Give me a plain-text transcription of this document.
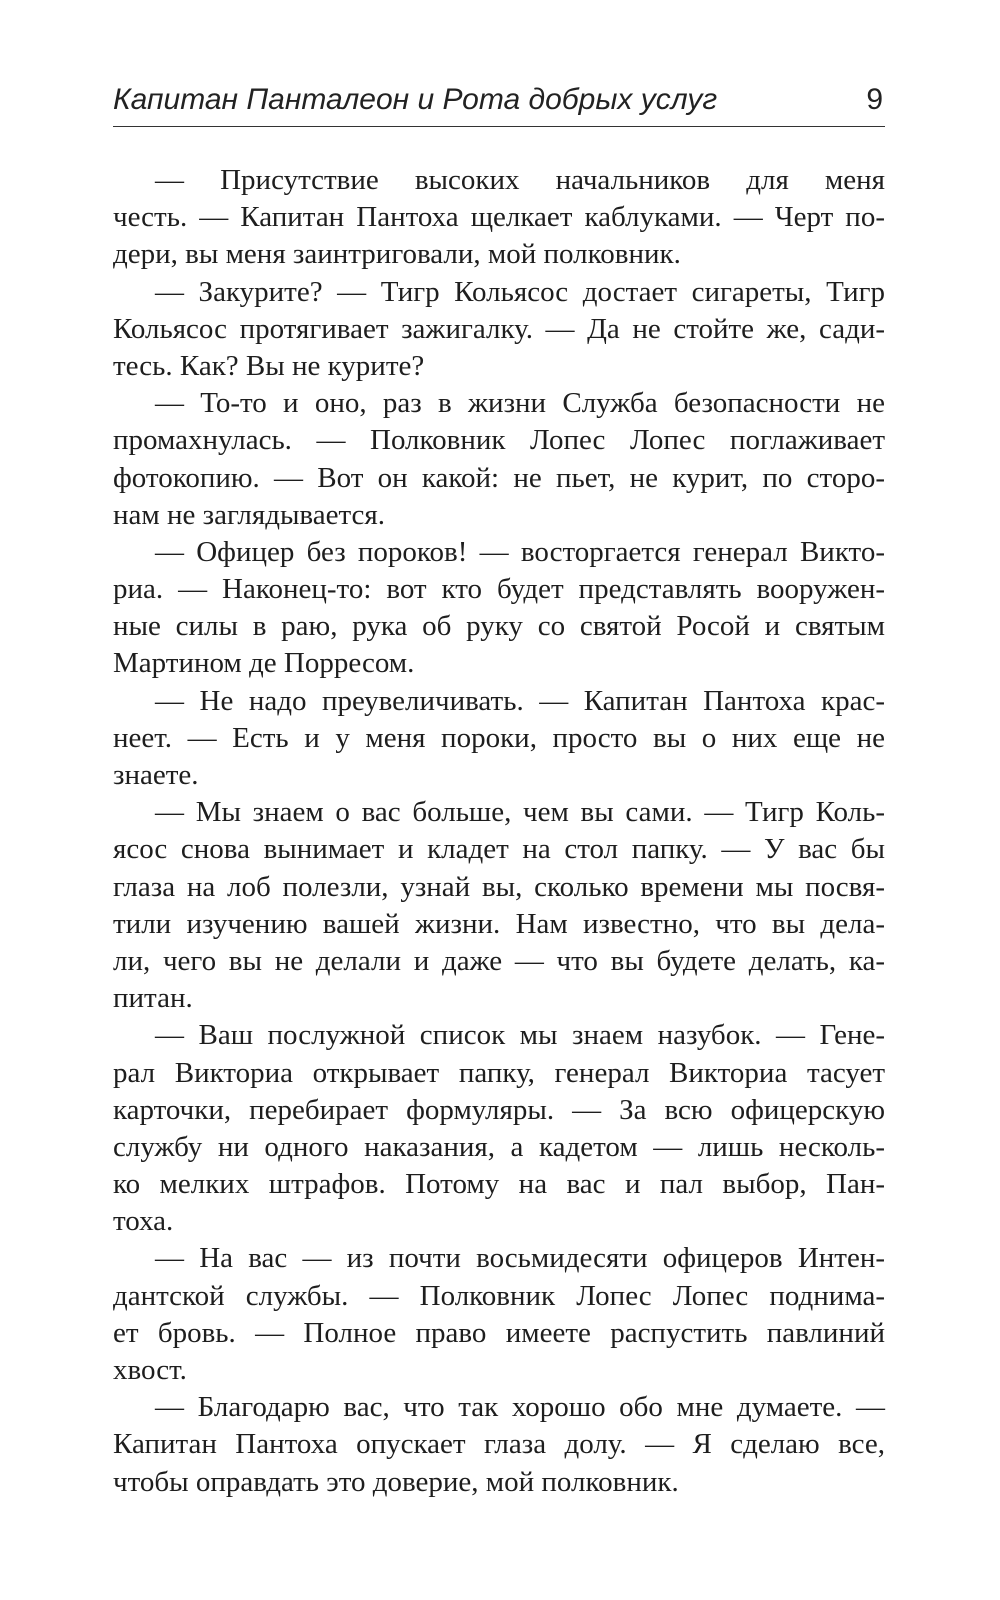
Капитан Панталеон и Рота добрых услуг	9
— Присутствие высоких начальников для меня
честь. — Капитан Пантоха щелкает каблуками. — Черт по-
дери, вы меня заинтриговали, мой полковник.
— Закурите? — Тигр Кольясос достает сигареты, Тигр
Кольясос протягивает зажигалку. — Да не стойте же, сади-
тесь. Как? Вы не курите?
— То-то и оно, раз в жизни Служба безопасности не
промахнулась. — Полковник Лопес Лопес поглаживает
фотокопию. — Вот он какой: не пьет, не курит, по сторо-
нам не заглядывается.
— Офицер без пороков! — восторгается генерал Викто-
риа. — Наконец-то: вот кто будет представлять вооружен-
ные силы в раю, рука об руку со святой Росой и святым
Мартином де Порресом.
— Не надо преувеличивать. — Капитан Пантоха крас-
неет. — Есть и у меня пороки, просто вы о них еще не
знаете.
— Мы знаем о вас больше, чем вы сами. — Тигр Коль-
ясос снова вынимает и кладет на стол папку. — У вас бы
глаза на лоб полезли, узнай вы, сколько времени мы посвя-
тили изучению вашей жизни. Нам известно, что вы дела-
ли, чего вы не делали и даже — что вы будете делать, ка-
питан.
— Ваш послужной список мы знаем назубок. — Гене-
рал Викториа открывает папку, генерал Викториа тасует
карточки, перебирает формуляры. — За всю офицерскую
службу ни одного наказания, а кадетом — лишь несколь-
ко мелких штрафов. Потому на вас и пал выбор, Пан-
тоха.
— На вас — из почти восьмидесяти офицеров Интен-
дантской службы. — Полковник Лопес Лопес поднима-
ет бровь. — Полное право имеете распустить павлиний
хвост.
— Благодарю вас, что так хорошо обо мне думаете. —
Капитан Пантоха опускает глаза долу. — Я сделаю все,
чтобы оправдать это доверие, мой полковник.
